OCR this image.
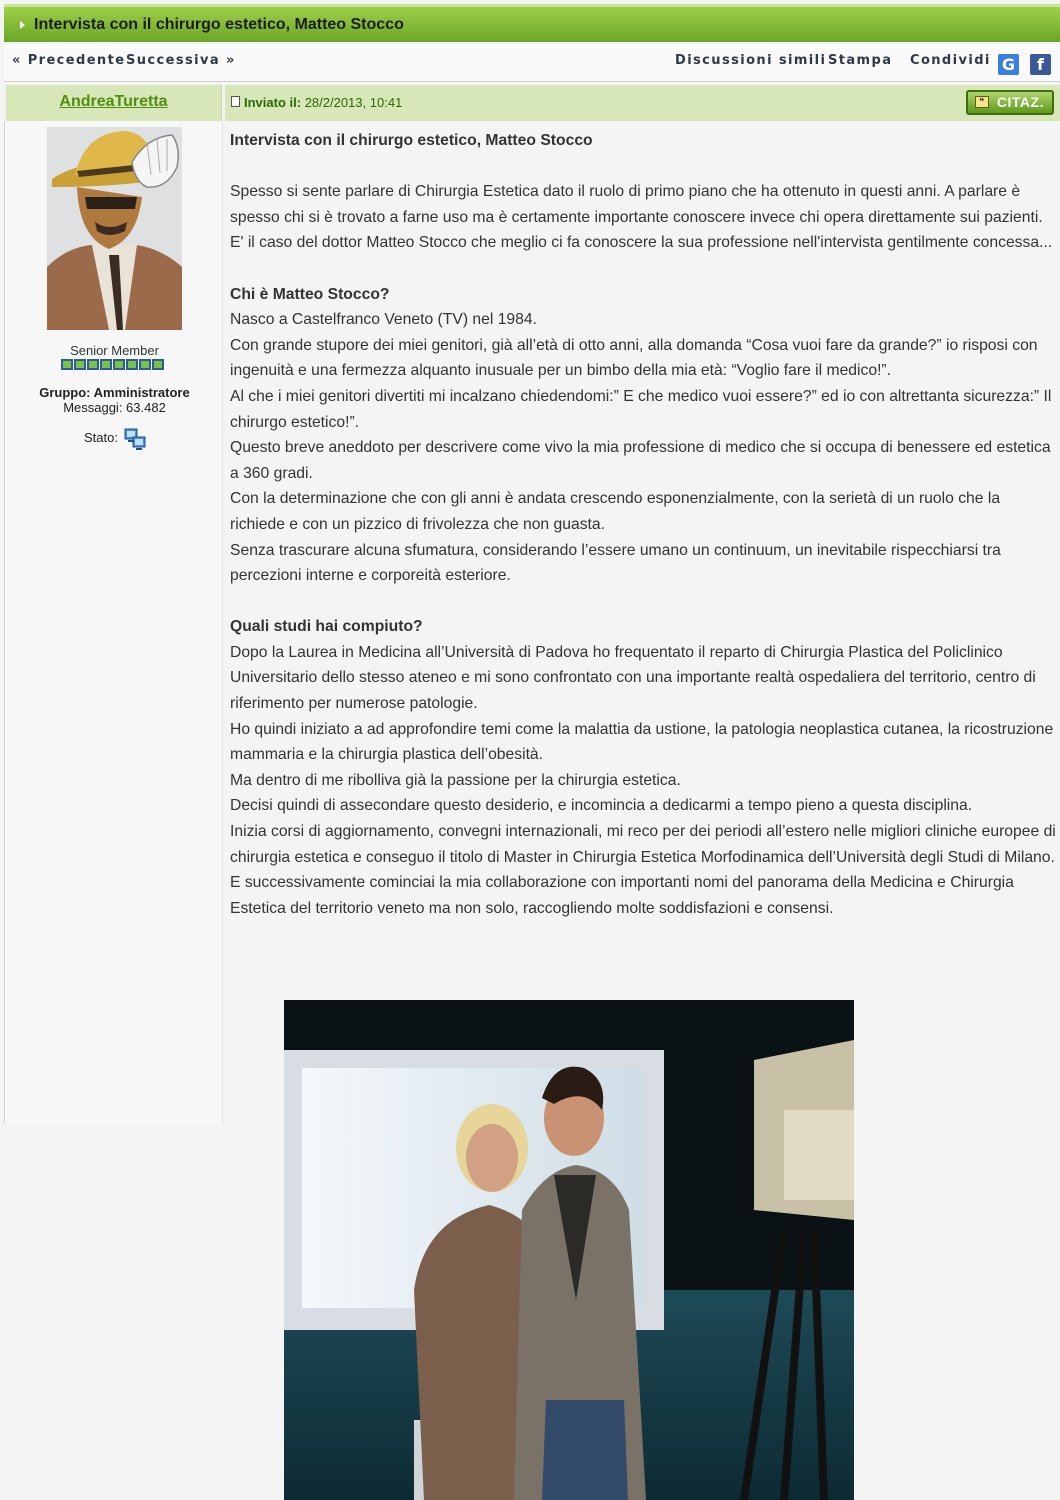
Intervista con il chirurgo estetico, Matteo Stocco
« Precedente Successiva »	Discussioni simili Stampa Condividi G	f
AndreaTuretta	Inviato il: 28/2/2013, 10:41	❝ CITAZ.
Senior Member
Gruppo: Amministratore
Messaggi: 63.482
Stato:

Intervista con il chirurgo estetico, Matteo Stocco

Spesso si sente parlare di Chirurgia Estetica dato il ruolo di primo piano che ha ottenuto in questi anni. A parlare è spesso chi si è trovato a farne uso ma è certamente importante conoscere invece chi opera direttamente sui pazienti. E' il caso del dottor Matteo Stocco che meglio ci fa conoscere la sua professione nell'intervista gentilmente concessa...

Chi è Matteo Stocco?

Nasco a Castelfranco Veneto (TV) nel 1984.

Con grande stupore dei miei genitori, già all’età di otto anni, alla domanda “Cosa vuoi fare da grande?” io risposi con ingenuità e una fermezza alquanto inusuale per un bimbo della mia età: “Voglio fare il medico!”.

Al che i miei genitori divertiti mi incalzano chiedendomi:” E che medico vuoi essere?” ed io con altrettanta sicurezza:” Il chirurgo estetico!”.

Questo breve aneddoto per descrivere come vivo la mia professione di medico che si occupa di benessere ed estetica a 360 gradi.

Con la determinazione che con gli anni è andata crescendo esponenzialmente, con la serietà di un ruolo che la richiede e con un pizzico di frivolezza che non guasta.

Senza trascurare alcuna sfumatura, considerando l’essere umano un continuum, un inevitabile rispecchiarsi tra percezioni interne e corporeità esteriore.

Quali studi hai compiuto?

Dopo la Laurea in Medicina all’Università di Padova ho frequentato il reparto di Chirurgia Plastica del Policlinico Universitario dello stesso ateneo e mi sono confrontato con una importante realtà ospedaliera del territorio, centro di riferimento per numerose patologie.

Ho quindi iniziato a ad approfondire temi come la malattia da ustione, la patologia neoplastica cutanea, la ricostruzione mammaria e la chirurgia plastica dell’obesità.

Ma dentro di me ribolliva già la passione per la chirurgia estetica.

Decisi quindi di assecondare questo desiderio, e incomincia a dedicarmi a tempo pieno a questa disciplina.

Inizia corsi di aggiornamento, convegni internazionali, mi reco per dei periodi all’estero nelle migliori cliniche europee di chirurgia estetica e conseguo il titolo di Master in Chirurgia Estetica Morfodinamica dell’Università degli Studi di Milano.

E successivamente cominciai la mia collaborazione con importanti nomi del panorama della Medicina e Chirurgia Estetica del territorio veneto ma non solo, raccogliendo molte soddisfazioni e consensi.
